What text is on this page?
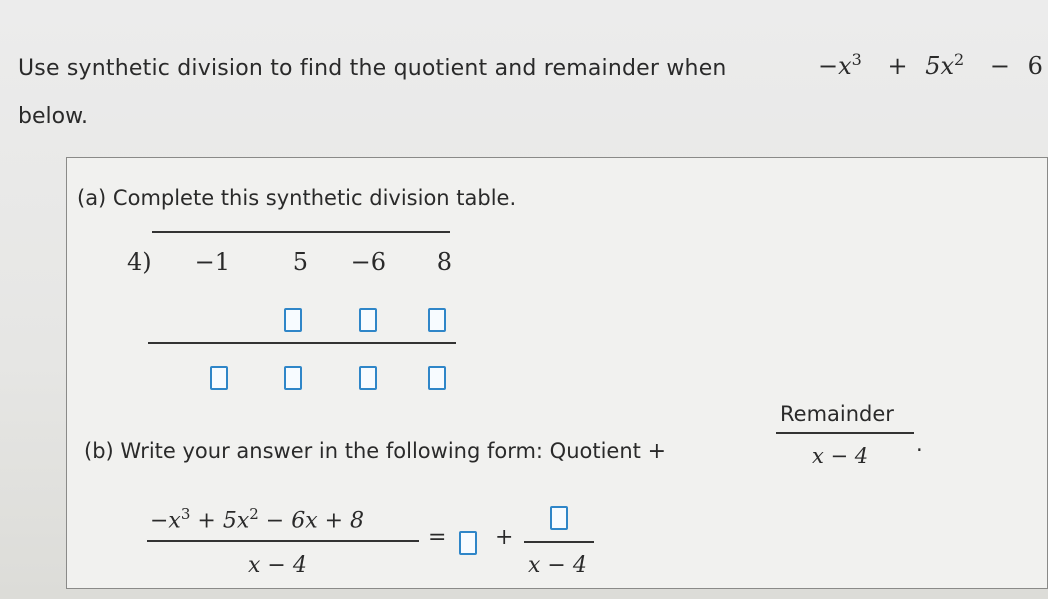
Use synthetic division to find the quotient and remainder when	$-x^3 + 5x^2 - 6$
below.
(a) Complete this synthetic division table.
4)	−1	5	−6	8
(b) Write your answer in the following form: Quotient +
Remainder
x − 4 .
$-x^3 + 5x^2 - 6x + 8$
x − 4
= +
x − 4
